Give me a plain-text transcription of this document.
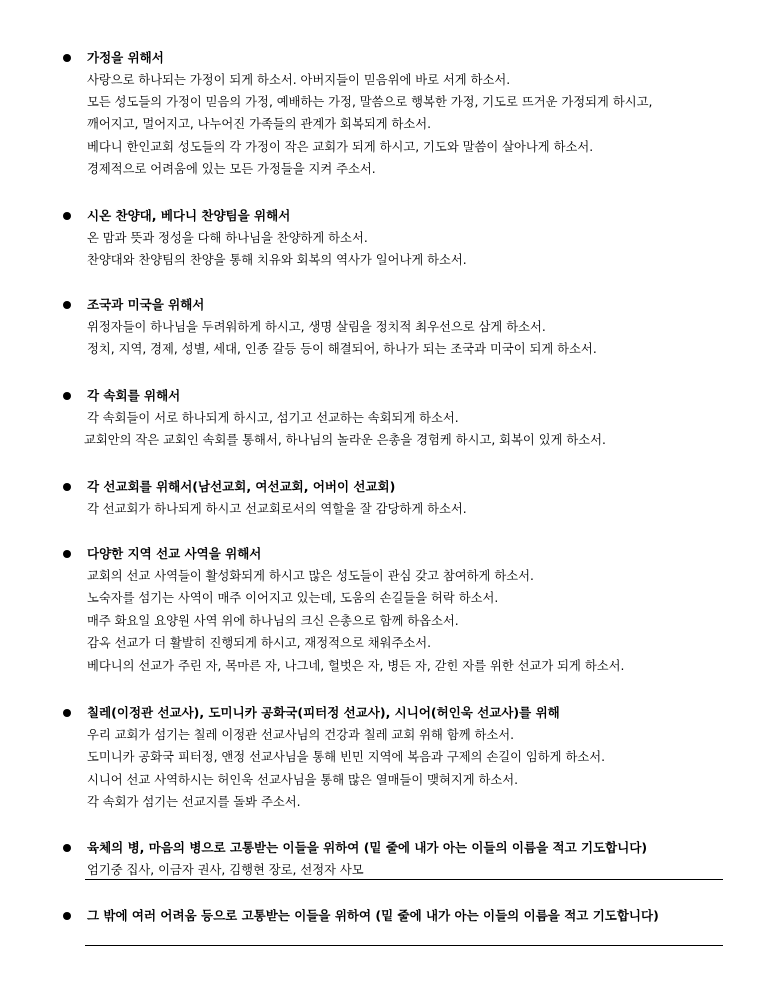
가정을 위해서
사랑으로 하나되는 가정이 되게 하소서. 아버지들이 믿음위에 바로 서게 하소서.
모든 성도들의 가정이 믿음의 가정, 예배하는 가정, 말씀으로 행복한 가정, 기도로 뜨거운 가정되게 하시고,
깨어지고, 멀어지고, 나누어진 가족들의 관계가 회복되게 하소서.
베다니 한인교회 성도들의 각 가정이 작은 교회가 되게 하시고, 기도와 말씀이 살아나게 하소서.
경제적으로 어려움에 있는 모든 가정들을 지켜 주소서.
시온 찬양대, 베다니 찬양팀을 위해서
온 맘과 뜻과 정성을 다해 하나님을 찬양하게 하소서.
찬양대와 찬양팀의 찬양을 통해 치유와 회복의 역사가 일어나게 하소서.
조국과 미국을 위해서
위정자들이 하나님을 두려워하게 하시고, 생명 살림을 정치적 최우선으로 삼게 하소서.
정치, 지역, 경제, 성별, 세대, 인종 갈등 등이 해결되어, 하나가 되는 조국과 미국이 되게 하소서.
각 속회를 위해서
각 속회들이 서로 하나되게 하시고, 섬기고 선교하는 속회되게 하소서.
교회안의 작은 교회인 속회를 통해서, 하나님의 놀라운 은총을 경험케 하시고, 회복이 있게 하소서.
각 선교회를 위해서(남선교회, 여선교회, 어버이 선교회)
각 선교회가 하나되게 하시고 선교회로서의 역할을 잘 감당하게 하소서.
다양한 지역 선교 사역을 위해서
교회의 선교 사역들이 활성화되게 하시고 많은 성도들이 관심 갖고 참여하게 하소서.
노숙자를 섬기는 사역이 매주 이어지고 있는데, 도움의 손길들을 허락 하소서.
매주 화요일 요양원 사역 위에 하나님의 크신 은총으로 함께 하옵소서.
감옥 선교가 더 활발히 진행되게 하시고, 재정적으로 채워주소서.
베다니의 선교가 주린 자, 목마른 자, 나그네, 헐벗은 자, 병든 자, 갇힌 자를 위한 선교가 되게 하소서.
칠레(이정관 선교사), 도미니카 공화국(피터정 선교사), 시니어(허인욱 선교사)를 위해
우리 교회가 섬기는 칠레 이정관 선교사님의 건강과 칠레 교회 위해 함께 하소서.
도미니카 공화국 피터정, 앤정 선교사님을 통해 빈민 지역에 복음과 구제의 손길이 임하게 하소서.
시니어 선교 사역하시는 허인욱 선교사님을 통해 많은 열매들이 맺혀지게 하소서.
각 속회가 섬기는 선교지를 돌봐 주소서.
육체의 병, 마음의 병으로 고통받는 이들을 위하여 (밑 줄에 내가 아는 이들의 이름을 적고 기도합니다)
엄기중 집사, 이금자 권사, 김행현 장로, 선정자 사모
그 밖에 여러 어려움 등으로 고통받는 이들을 위하여 (밑 줄에 내가 아는 이들의 이름을 적고 기도합니다)
